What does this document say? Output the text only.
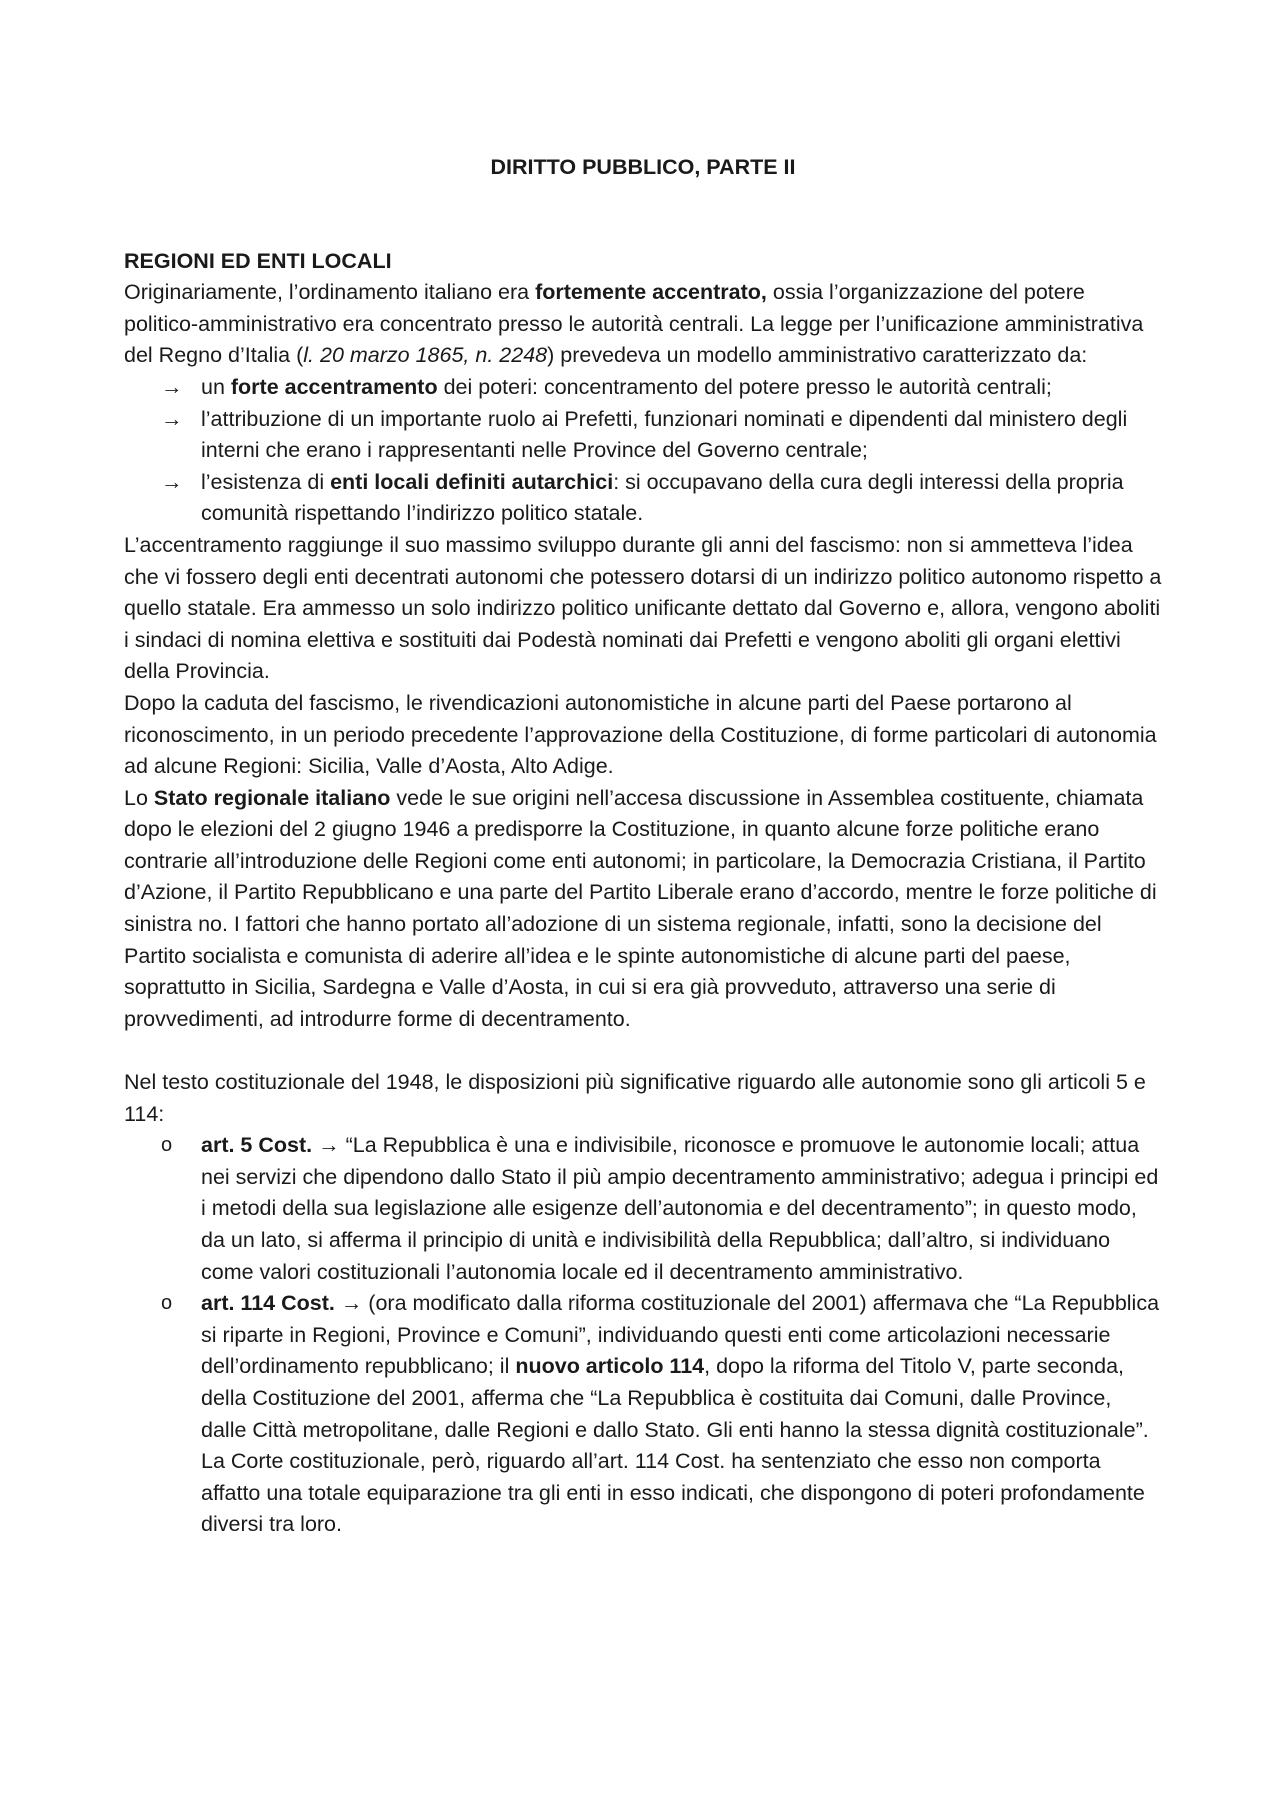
DIRITTO PUBBLICO, PARTE II

REGIONI ED ENTI LOCALI

Originariamente, l’ordinamento italiano era fortemente accentrato, ossia l’organizzazione del potere politico-amministrativo era concentrato presso le autorità centrali. La legge per l’unificazione amministrativa del Regno d’Italia (l. 20 marzo 1865, n. 2248) prevedeva un modello amministrativo caratterizzato da:

→ un forte accentramento dei poteri: concentramento del potere presso le autorità centrali;
→ l’attribuzione di un importante ruolo ai Prefetti, funzionari nominati e dipendenti dal ministero degli interni che erano i rappresentanti nelle Province del Governo centrale;
→ l’esistenza di enti locali definiti autarchici: si occupavano della cura degli interessi della propria comunità rispettando l’indirizzo politico statale.

L’accentramento raggiunge il suo massimo sviluppo durante gli anni del fascismo: non si ammetteva l’idea che vi fossero degli enti decentrati autonomi che potessero dotarsi di un indirizzo politico autonomo rispetto a quello statale. Era ammesso un solo indirizzo politico unificante dettato dal Governo e, allora, vengono aboliti i sindaci di nomina elettiva e sostituiti dai Podestà nominati dai Prefetti e vengono aboliti gli organi elettivi della Provincia.

Dopo la caduta del fascismo, le rivendicazioni autonomistiche in alcune parti del Paese portarono al riconoscimento, in un periodo precedente l’approvazione della Costituzione, di forme particolari di autonomia ad alcune Regioni: Sicilia, Valle d’Aosta, Alto Adige.

Lo Stato regionale italiano vede le sue origini nell’accesa discussione in Assemblea costituente, chiamata dopo le elezioni del 2 giugno 1946 a predisporre la Costituzione, in quanto alcune forze politiche erano contrarie all’introduzione delle Regioni come enti autonomi; in particolare, la Democrazia Cristiana, il Partito d’Azione, il Partito Repubblicano e una parte del Partito Liberale erano d’accordo, mentre le forze politiche di sinistra no. I fattori che hanno portato all’adozione di un sistema regionale, infatti, sono la decisione del Partito socialista e comunista di aderire all’idea e le spinte autonomistiche di alcune parti del paese, soprattutto in Sicilia, Sardegna e Valle d’Aosta, in cui si era già provveduto, attraverso una serie di provvedimenti, ad introdurre forme di decentramento.

Nel testo costituzionale del 1948, le disposizioni più significative riguardo alle autonomie sono gli articoli 5 e 114:

o art. 5 Cost. → “La Repubblica è una e indivisibile, riconosce e promuove le autonomie locali; attua nei servizi che dipendono dallo Stato il più ampio decentramento amministrativo; adegua i principi ed i metodi della sua legislazione alle esigenze dell’autonomia e del decentramento”; in questo modo, da un lato, si afferma il principio di unità e indivisibilità della Repubblica; dall’altro, si individuano come valori costituzionali l’autonomia locale ed il decentramento amministrativo.
o art. 114 Cost. → (ora modificato dalla riforma costituzionale del 2001) affermava che “La Repubblica si riparte in Regioni, Province e Comuni”, individuando questi enti come articolazioni necessarie dell’ordinamento repubblicano; il nuovo articolo 114, dopo la riforma del Titolo V, parte seconda, della Costituzione del 2001, afferma che “La Repubblica è costituita dai Comuni, dalle Province, dalle Città metropolitane, dalle Regioni e dallo Stato. Gli enti hanno la stessa dignità costituzionale”. La Corte costituzionale, però, riguardo all’art. 114 Cost. ha sentenziato che esso non comporta affatto una totale equiparazione tra gli enti in esso indicati, che dispongono di poteri profondamente diversi tra loro.
